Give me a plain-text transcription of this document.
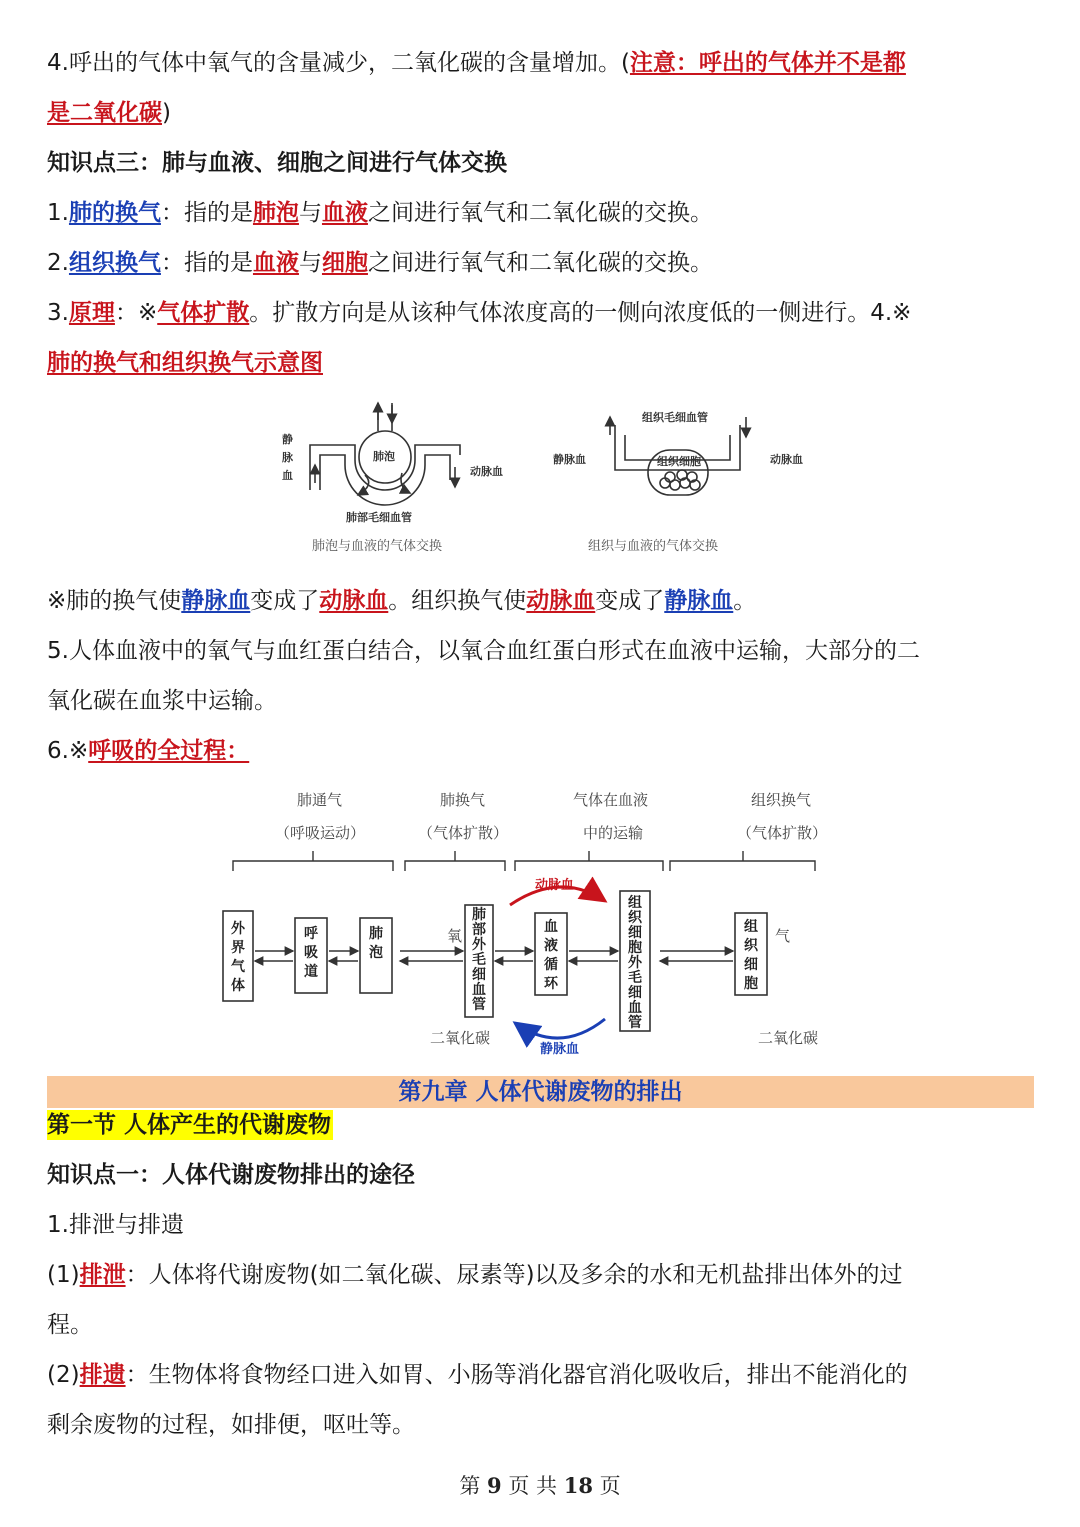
4.呼出的气体中氧气的含量减少，二氧化碳的含量增加。(注意：呼出的气体并不是都
是二氧化碳)
知识点三：肺与血液、细胞之间进行气体交换
1.肺的换气：指的是肺泡与血液之间进行氧气和二氧化碳的交换。
2.组织换气：指的是血液与细胞之间进行氧气和二氧化碳的交换。
3.原理：※气体扩散。扩散方向是从该种气体浓度高的一侧向浓度低的一侧进行。4.※
肺的换气和组织换气示意图
静
脉
血
肺泡
动脉血
肺部毛细血管
肺泡与血液的气体交换
组织毛细血管
静脉血	组织细胞	动脉血
组织与血液的气体交换
※肺的换气使静脉血变成了动脉血。组织换气使动脉血变成了静脉血。
5.人体血液中的氧气与血红蛋白结合，以氧合血红蛋白形式在血液中运输，大部分的二
氧化碳在血浆中运输。
6.※呼吸的全过程：
肺通气
（呼吸运动）
肺换气
（气体扩散）
气体在血液
中的运输
组织换气
（气体扩散）
外界气体
呼吸道
肺泡
肺部外毛细血管
血液循环
组织细胞外毛细血管
组织细胞
动脉血
静脉血
氧	气
二氧化碳	二氧化碳
第九章 人体代谢废物的排出
第一节 人体产生的代谢废物
知识点一：人体代谢废物排出的途径
1.排泄与排遗
(1)排泄：人体将代谢废物(如二氧化碳、尿素等)以及多余的水和无机盐排出体外的过
程。
(2)排遗：生物体将食物经口进入如胃、小肠等消化器官消化吸收后，排出不能消化的
剩余废物的过程，如排便，呕吐等。
第 9 页 共 18 页
